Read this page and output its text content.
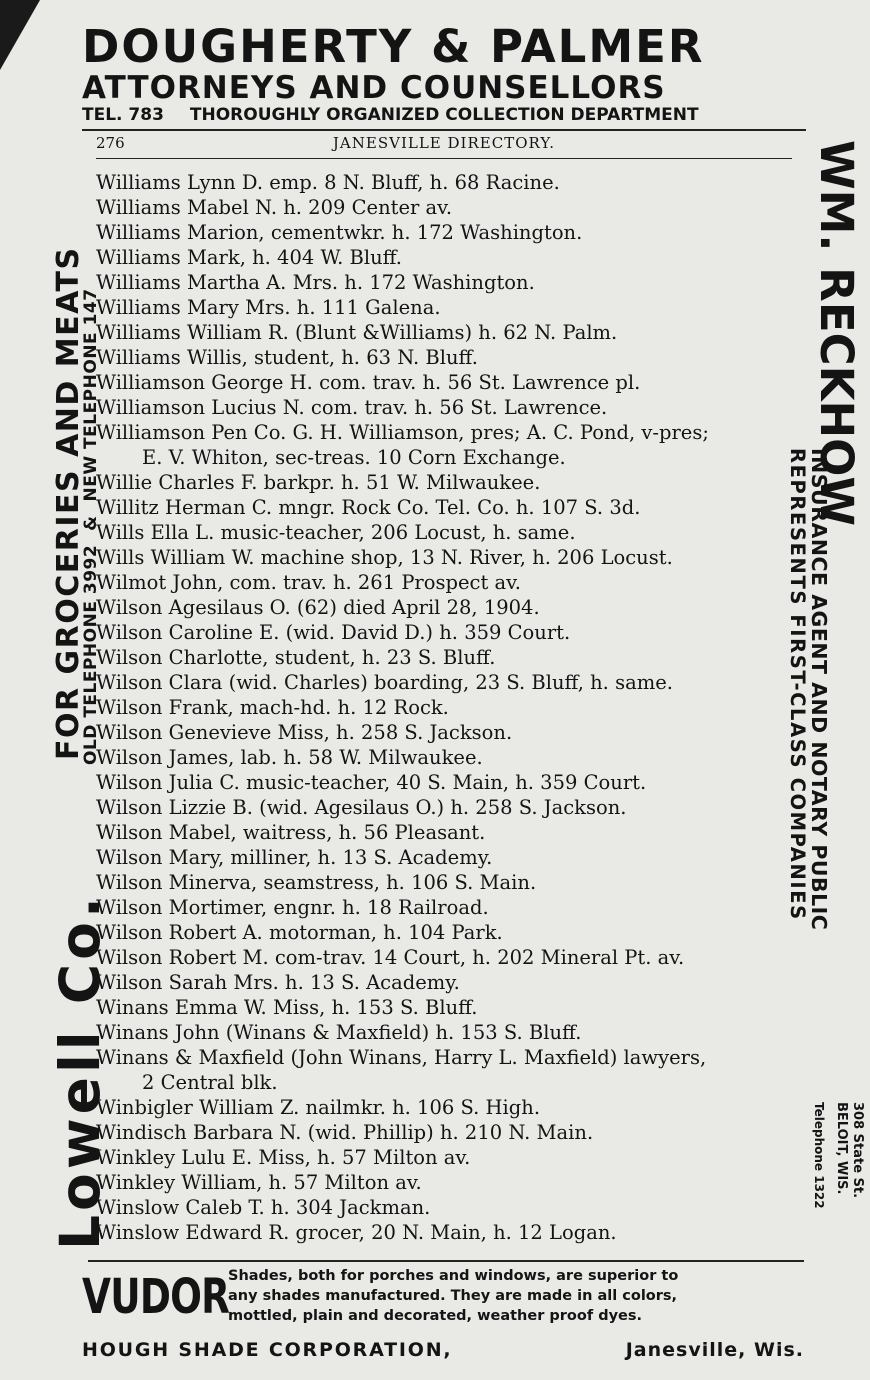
DOUGHERTY & PALMER
ATTORNEYS AND COUNSELLORS
TEL. 783 THOROUGHLY ORGANIZED COLLECTION DEPARTMENT
276	JANESVILLE DIRECTORY.
Williams Lynn D. emp. 8 N. Bluff, h. 68 Racine.
Williams Mabel N. h. 209 Center av.
Williams Marion, cementwkr. h. 172 Washington.
Williams Mark, h. 404 W. Bluff.
Williams Martha A. Mrs. h. 172 Washington.
Williams Mary Mrs. h. 111 Galena.
Williams William R. (Blunt &Williams) h. 62 N. Palm.
Williams Willis, student, h. 63 N. Bluff.
Williamson George H. com. trav. h. 56 St. Lawrence pl.
Williamson Lucius N. com. trav. h. 56 St. Lawrence.
Williamson Pen Co. G. H. Williamson, pres; A. C. Pond, v-pres;
E. V. Whiton, sec-treas. 10 Corn Exchange.
Willie Charles F. barkpr. h. 51 W. Milwaukee.
Willitz Herman C. mngr. Rock Co. Tel. Co. h. 107 S. 3d.
Wills Ella L. music-teacher, 206 Locust, h. same.
Wills William W. machine shop, 13 N. River, h. 206 Locust.
Wilmot John, com. trav. h. 261 Prospect av.
Wilson Agesilaus O. (62) died April 28, 1904.
Wilson Caroline E. (wid. David D.) h. 359 Court.
Wilson Charlotte, student, h. 23 S. Bluff.
Wilson Clara (wid. Charles) boarding, 23 S. Bluff, h. same.
Wilson Frank, mach-hd. h. 12 Rock.
Wilson Genevieve Miss, h. 258 S. Jackson.
Wilson James, lab. h. 58 W. Milwaukee.
Wilson Julia C. music-teacher, 40 S. Main, h. 359 Court.
Wilson Lizzie B. (wid. Agesilaus O.) h. 258 S. Jackson.
Wilson Mabel, waitress, h. 56 Pleasant.
Wilson Mary, milliner, h. 13 S. Academy.
Wilson Minerva, seamstress, h. 106 S. Main.
Wilson Mortimer, engnr. h. 18 Railroad.
Wilson Robert A. motorman, h. 104 Park.
Wilson Robert M. com-trav. 14 Court, h. 202 Mineral Pt. av.
Wilson Sarah Mrs. h. 13 S. Academy.
Winans Emma W. Miss, h. 153 S. Bluff.
Winans John (Winans & Maxfield) h. 153 S. Bluff.
Winans & Maxfield (John Winans, Harry L. Maxfield) lawyers,
2 Central blk.
Winbigler William Z. nailmkr. h. 106 S. High.
Windisch Barbara N. (wid. Phillip) h. 210 N. Main.
Winkley Lulu E. Miss, h. 57 Milton av.
Winkley William, h. 57 Milton av.
Winslow Caleb T. h. 304 Jackman.
Winslow Edward R. grocer, 20 N. Main, h. 12 Logan.
Lowell Co.
FOR GROCERIES AND MEATS
OLD TELEPHONE 3992&NEW TELEPHONE 147	WM. RECKHOW
INSURANCE AGENT AND NOTARY PUBLIC
REPRESENTS FIRST-CLASS COMPANIES
308 State St.
BELOIT, WIS.
Telephone 1322
VUDOR
Shades, both for porches and windows, are superior to
any shades manufactured. They are made in all colors,
mottled, plain and decorated, weather proof dyes.
HOUGH SHADE CORPORATION,	Janesville, Wis.
